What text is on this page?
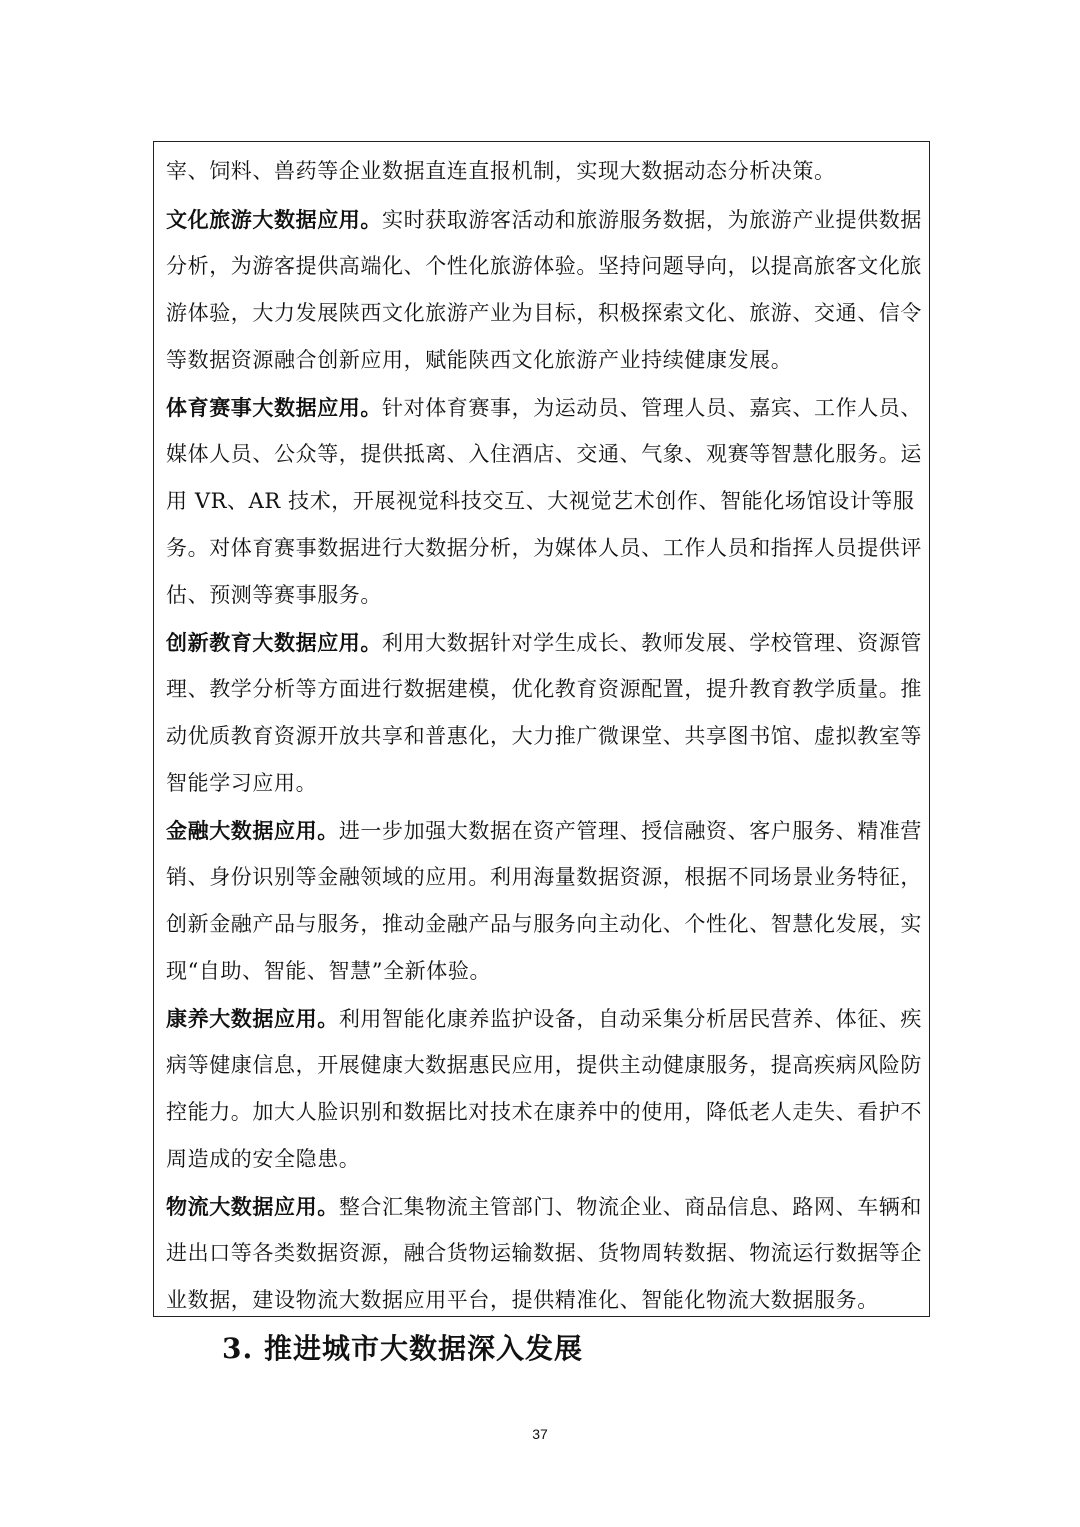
宰、饲料、兽药等企业数据直连直报机制，实现大数据动态分析决策。
文化旅游大数据应用。实时获取游客活动和旅游服务数据，为旅游产业提供数据
分析，为游客提供高端化、个性化旅游体验。坚持问题导向，以提高旅客文化旅
游体验，大力发展陕西文化旅游产业为目标，积极探索文化、旅游、交通、信令
等数据资源融合创新应用，赋能陕西文化旅游产业持续健康发展。
体育赛事大数据应用。针对体育赛事，为运动员、管理人员、嘉宾、工作人员、
媒体人员、公众等，提供抵离、入住酒店、交通、气象、观赛等智慧化服务。运
用 VR、AR 技术，开展视觉科技交互、大视觉艺术创作、智能化场馆设计等服
务。对体育赛事数据进行大数据分析，为媒体人员、工作人员和指挥人员提供评
估、预测等赛事服务。
创新教育大数据应用。利用大数据针对学生成长、教师发展、学校管理、资源管
理、教学分析等方面进行数据建模，优化教育资源配置，提升教育教学质量。推
动优质教育资源开放共享和普惠化，大力推广微课堂、共享图书馆、虚拟教室等
智能学习应用。
金融大数据应用。进一步加强大数据在资产管理、授信融资、客户服务、精准营
销、身份识别等金融领域的应用。利用海量数据资源，根据不同场景业务特征，
创新金融产品与服务，推动金融产品与服务向主动化、个性化、智慧化发展，实
现“自助、智能、智慧”全新体验。
康养大数据应用。利用智能化康养监护设备，自动采集分析居民营养、体征、疾
病等健康信息，开展健康大数据惠民应用，提供主动健康服务，提高疾病风险防
控能力。加大人脸识别和数据比对技术在康养中的使用，降低老人走失、看护不
周造成的安全隐患。
物流大数据应用。整合汇集物流主管部门、物流企业、商品信息、路网、车辆和
进出口等各类数据资源，融合货物运输数据、货物周转数据、物流运行数据等企
业数据，建设物流大数据应用平台，提供精准化、智能化物流大数据服务。
3. 推进城市大数据深入发展
37
